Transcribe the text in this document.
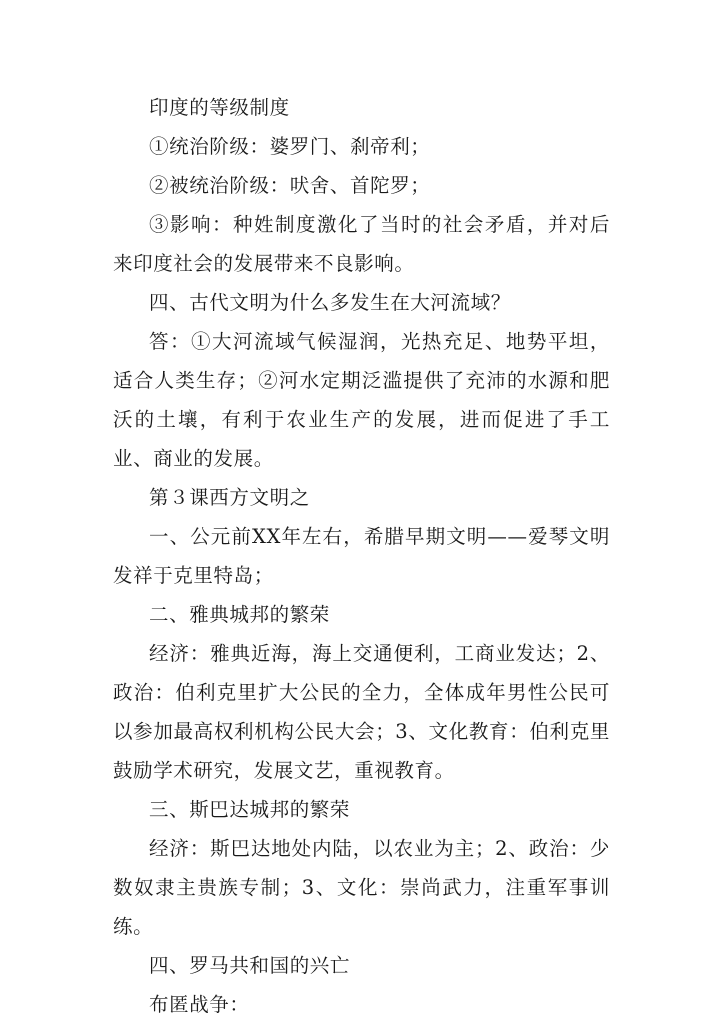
印度的等级制度

①统治阶级：婆罗门、刹帝利；

②被统治阶级：吠舍、首陀罗；

③影响：种姓制度激化了当时的社会矛盾，并对后来印度社会的发展带来不良影响。

四、古代文明为什么多发生在大河流域？

答：①大河流域气候湿润，光热充足、地势平坦，适合人类生存；②河水定期泛滥提供了充沛的水源和肥沃的土壤，有利于农业生产的发展，进而促进了手工业、商业的发展。

第３课西方文明之

一、公元前XX年左右，希腊早期文明——爱琴文明发祥于克里特岛；

二、雅典城邦的繁荣

经济：雅典近海，海上交通便利，工商业发达；2、政治：伯利克里扩大公民的全力，全体成年男性公民可以参加最高权利机构公民大会；3、文化教育：伯利克里鼓励学术研究，发展文艺，重视教育。

三、斯巴达城邦的繁荣

经济：斯巴达地处内陆，以农业为主；2、政治：少数奴隶主贵族专制；3、文化：崇尚武力，注重军事训练。

四、罗马共和国的兴亡

布匿战争：
